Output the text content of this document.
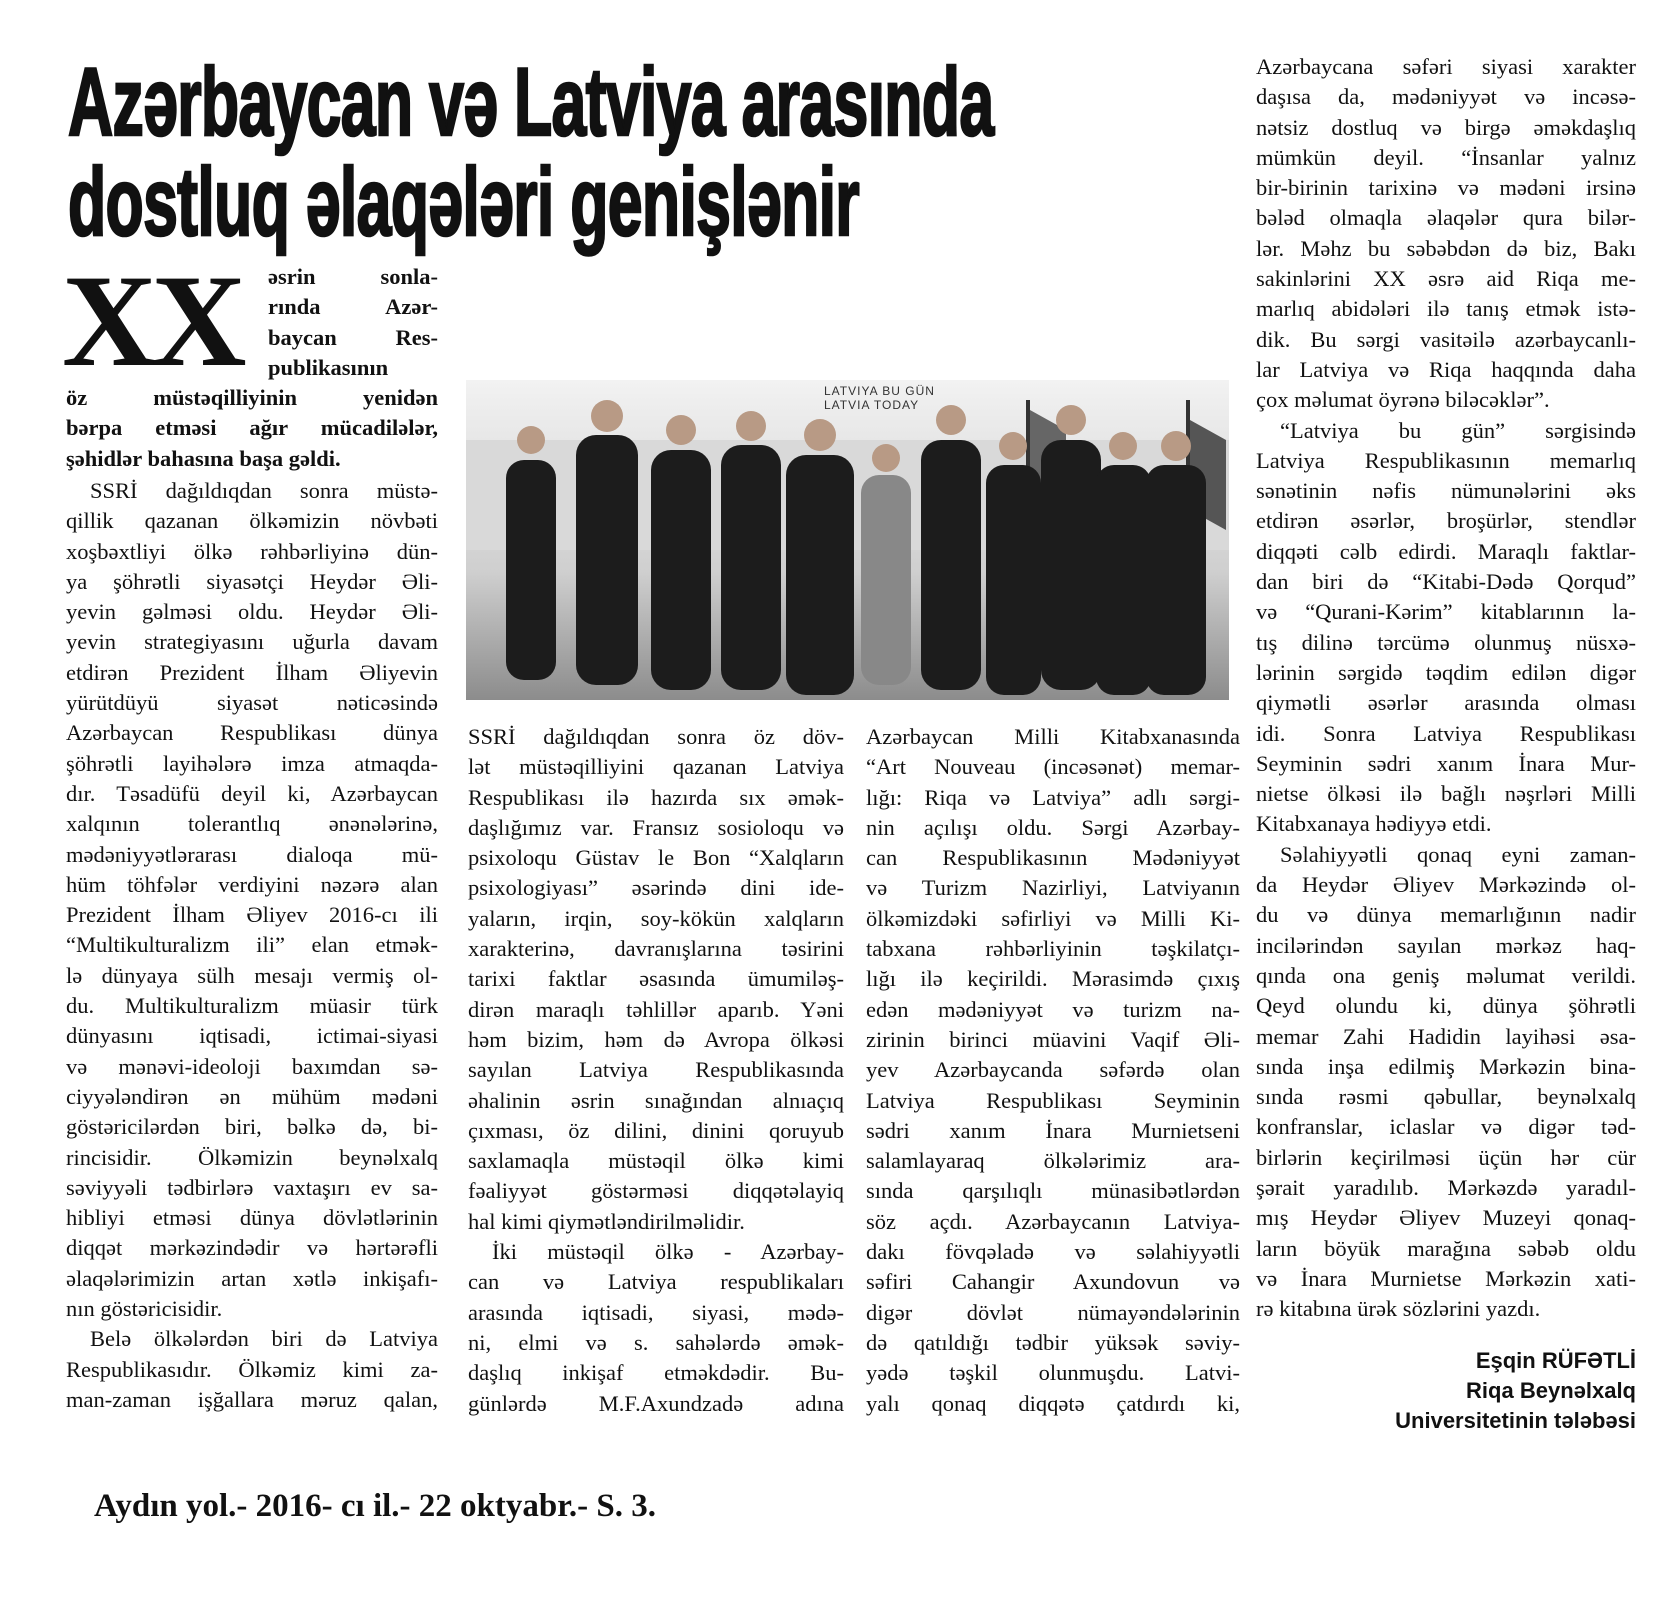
Azərbaycan və Latviya arasında
dostluq əlaqələri genişlənir
XX	əsrin sonla-
rında Azər-
baycan Res-
publikasının
öz müstəqilliyinin yenidən
bərpa etməsi ağır mücadilələr,
şəhidlər bahasına başa gəldi.
SSRİ dağıldıqdan sonra müstə-
qillik qazanan ölkəmizin növbəti
xoşbəxtliyi ölkə rəhbərliyinə dün-
ya şöhrətli siyasətçi Heydər Əli-
yevin gəlməsi oldu. Heydər Əli-
yevin strategiyasını uğurla davam
etdirən Prezident İlham Əliyevin
yürütdüyü siyasət nəticəsində
Azərbaycan Respublikası dünya
şöhrətli layihələrə imza atmaqda-
dır. Təsadüfü deyil ki, Azərbaycan
xalqının tolerantlıq ənənələrinə,
mədəniyyətlərarası dialoqa mü-
hüm töhfələr verdiyini nəzərə alan
Prezident İlham Əliyev 2016-cı ili
“Multikulturalizm ili” elan etmək-
lə dünyaya sülh mesajı vermiş ol-
du. Multikulturalizm müasir türk
dünyasını iqtisadi, ictimai-siyasi
və mənəvi-ideoloji baxımdan sə-
ciyyələndirən ən mühüm mədəni
göstəricilərdən biri, bəlkə də, bi-
rincisidir. Ölkəmizin beynəlxalq
səviyyəli tədbirlərə vaxtaşırı ev sa-
hibliyi etməsi dünya dövlətlərinin
diqqət mərkəzindədir və hərtərəfli
əlaqələrimizin artan xətlə inkişafı-
nın göstəricisidir.
Belə ölkələrdən biri də Latviya
Respublikasıdır. Ölkəmiz kimi za-
man-zaman işğallara məruz qalan,
SSRİ dağıldıqdan sonra öz döv-
lət müstəqilliyini qazanan Latviya
Respublikası ilə hazırda sıx əmək-
daşlığımız var. Fransız sosioloqu və
psixoloqu Güstav le Bon “Xalqların
psixologiyası” əsərində dini ide-
yaların, irqin, soy-kökün xalqların
xarakterinə, davranışlarına təsirini
tarixi faktlar əsasında ümumiləş-
dirən maraqlı təhlillər aparıb. Yəni
həm bizim, həm də Avropa ölkəsi
sayılan Latviya Respublikasında
əhalinin əsrin sınağından alnıaçıq
çıxması, öz dilini, dinini qoruyub
saxlamaqla müstəqil ölkə kimi
fəaliyyət göstərməsi diqqətəlayiq
hal kimi qiymətləndirilməlidir.
İki müstəqil ölkə - Azərbay-
can və Latviya respublikaları
arasında iqtisadi, siyasi, mədə-
ni, elmi və s. sahələrdə əmək-
daşlıq inkişaf etməkdədir. Bu-
günlərdə M.F.Axundzadə adına
Azərbaycan Milli Kitabxanasında
“Art Nouveau (incəsənət) memar-
lığı: Riqa və Latviya” adlı sərgi-
nin açılışı oldu. Sərgi Azərbay-
can Respublikasının Mədəniyyət
və Turizm Nazirliyi, Latviyanın
ölkəmizdəki səfirliyi və Milli Ki-
tabxana rəhbərliyinin təşkilatçı-
lığı ilə keçirildi. Mərasimdə çıxış
edən mədəniyyət və turizm na-
zirinin birinci müavini Vaqif Əli-
yev Azərbaycanda səfərdə olan
Latviya Respublikası Seyminin
sədri xanım İnara Murnietseni
salamlayaraq ölkələrimiz ara-
sında qarşılıqlı münasibətlərdən
söz açdı. Azərbaycanın Latviya-
dakı fövqəladə və səlahiyyətli
səfiri Cahangir Axundovun və
digər dövlət nümayəndələrinin
də qatıldığı tədbir yüksək səviy-
yədə təşkil olunmuşdu. Latvi-
yalı qonaq diqqətə çatdırdı ki,
Azərbaycana səfəri siyasi xarakter
daşısa da, mədəniyyət və incəsə-
nətsiz dostluq və birgə əməkdaşlıq
mümkün deyil. “İnsanlar yalnız
bir-birinin tarixinə və mədəni irsinə
bələd olmaqla əlaqələr qura bilər-
lər. Məhz bu səbəbdən də biz, Bakı
sakinlərini XX əsrə aid Riqa me-
marlıq abidələri ilə tanış etmək istə-
dik. Bu sərgi vasitəilə azərbaycanlı-
lar Latviya və Riqa haqqında daha
çox məlumat öyrənə biləcəklər”.
“Latviya bu gün” sərgisində
Latviya Respublikasının memarlıq
sənətinin nəfis nümunələrini əks
etdirən əsərlər, broşürlər, stendlər
diqqəti cəlb edirdi. Maraqlı faktlar-
dan biri də “Kitabi-Dədə Qorqud”
və “Qurani-Kərim” kitablarının la-
tış dilinə tərcümə olunmuş nüsxə-
lərinin sərgidə təqdim edilən digər
qiymətli əsərlər arasında olması
idi. Sonra Latviya Respublikası
Seyminin sədri xanım İnara Mur-
nietse ölkəsi ilə bağlı nəşrləri Milli
Kitabxanaya hədiyyə etdi.
Səlahiyyətli qonaq eyni zaman-
da Heydər Əliyev Mərkəzində ol-
du və dünya memarlığının nadir
incilərindən sayılan mərkəz haq-
qında ona geniş məlumat verildi.
Qeyd olundu ki, dünya şöhrətli
memar Zahi Hadidin layihəsi əsa-
sında inşa edilmiş Mərkəzin bina-
sında rəsmi qəbullar, beynəlxalq
konfranslar, iclaslar və digər təd-
birlərin keçirilməsi üçün hər cür
şərait yaradılıb. Mərkəzdə yaradıl-
mış Heydər Əliyev Muzeyi qonaq-
ların böyük marağına səbəb oldu
və İnara Murnietse Mərkəzin xati-
rə kitabına ürək sözlərini yazdı.
LATVIYA BU GÜN
LATVIA TODAY
Eşqin RÜFƏTLİ
Riqa Beynəlxalq
Universitetinin tələbəsi
Aydın yol.- 2016- cı il.- 22 oktyabr.- S. 3.
